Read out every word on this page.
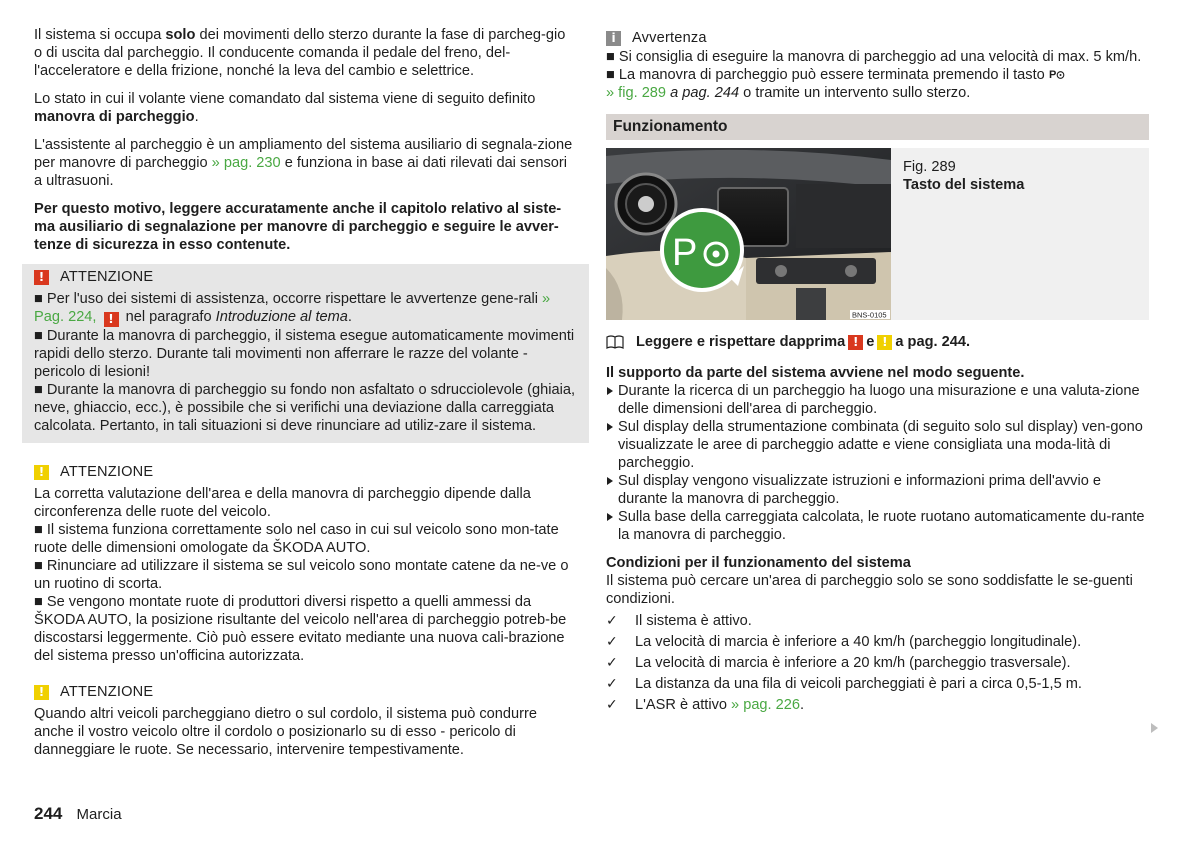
Il sistema si occupa solo dei movimenti dello sterzo durante la fase di parcheg-gio o di uscita dal parcheggio. Il conducente comanda il pedale del freno, del-l'acceleratore e della frizione, nonché la leva del cambio e selettrice.

Lo stato in cui il volante viene comandato dal sistema viene di seguito definito manovra di parcheggio.

L'assistente al parcheggio è un ampliamento del sistema ausiliario di segnala-zione per manovre di parcheggio » pag. 230 e funziona in base ai dati rilevati dai sensori a ultrasuoni.

Per questo motivo, leggere accuratamente anche il capitolo relativo al siste-ma ausiliario di segnalazione per manovre di parcheggio e seguire le avver-tenze di sicurezza in esso contenute.

!	ATTENZIONE
■ Per l'uso dei sistemi di assistenza, occorre rispettare le avvertenze gene-rali » Pag. 224, ! nel paragrafo Introduzione al tema.
■ Durante la manovra di parcheggio, il sistema esegue automaticamente movimenti rapidi dello sterzo. Durante tali movimenti non afferrare le razze del volante - pericolo di lesioni!
■ Durante la manovra di parcheggio su fondo non asfaltato o sdrucciolevole (ghiaia, neve, ghiaccio, ecc.), è possibile che si verifichi una deviazione dalla carreggiata calcolata. Pertanto, in tali situazioni si deve rinunciare ad utiliz-zare il sistema.
!	ATTENZIONE
La corretta valutazione dell'area e della manovra di parcheggio dipende dalla circonferenza delle ruote del veicolo.
■ Il sistema funziona correttamente solo nel caso in cui sul veicolo sono mon-tate ruote delle dimensioni omologate da ŠKODA AUTO.
■ Rinunciare ad utilizzare il sistema se sul veicolo sono montate catene da ne-ve o un ruotino di scorta.
■ Se vengono montate ruote di produttori diversi rispetto a quelli ammessi da ŠKODA AUTO, la posizione risultante del veicolo nell'area di parcheggio potreb-be discostarsi leggermente. Ciò può essere evitato mediante una nuova cali-brazione del sistema presso un'officina autorizzata.
!	ATTENZIONE
Quando altri veicoli parcheggiano dietro o sul cordolo, il sistema può condurre anche il vostro veicolo oltre il cordolo o posizionarlo su di esso - pericolo di danneggiare le ruote. Se necessario, intervenire tempestivamente.
i	Avvertenza
■ Si consiglia di eseguire la manovra di parcheggio ad una velocità di max. 5 km/h.
■ La manovra di parcheggio può essere terminata premendo il tasto P

» fig. 289 a pag. 244 o tramite un intervento sullo sterzo.
Funzionamento
P
BNS-0105
Fig. 289
Tasto del sistema
Leggere e rispettare dapprima ! e ! a pag. 244.
Il supporto da parte del sistema avviene nel modo seguente.
Durante la ricerca di un parcheggio ha luogo una misurazione e una valuta-zione delle dimensioni dell'area di parcheggio.
Sul display della strumentazione combinata (di seguito solo sul display) ven-gono visualizzate le aree di parcheggio adatte e viene consigliata una moda-lità di parcheggio.
Sul display vengono visualizzate istruzioni e informazioni prima dell'avvio e durante la manovra di parcheggio.
Sulla base della carreggiata calcolata, le ruote ruotano automaticamente du-rante la manovra di parcheggio.
Condizioni per il funzionamento del sistema
Il sistema può cercare un'area di parcheggio solo se sono soddisfatte le se-guenti condizioni.
✓	Il sistema è attivo.
✓	La velocità di marcia è inferiore a 40 km/h (parcheggio longitudinale).
✓	La velocità di marcia è inferiore a 20 km/h (parcheggio trasversale).
✓	La distanza da una fila di veicoli parcheggiati è pari a circa 0,5-1,5 m.
✓	L'ASR è attivo » pag. 226 .
244 Marcia
